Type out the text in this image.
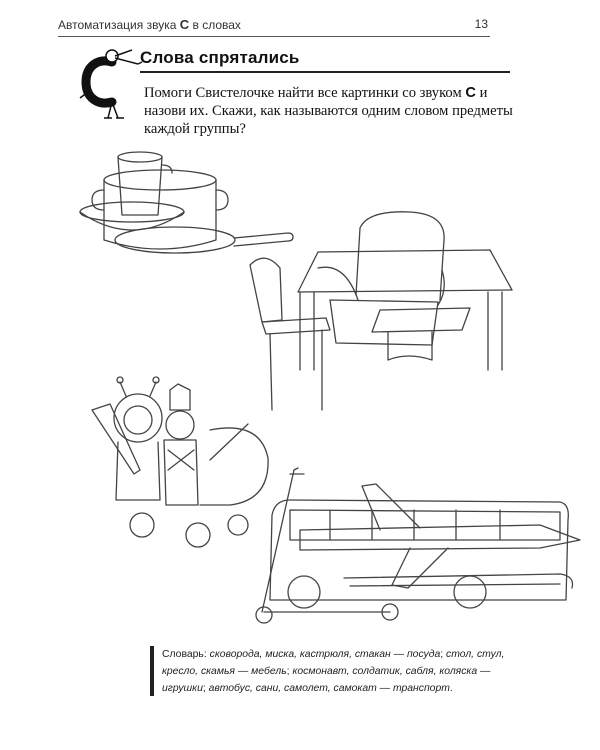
Автоматизация звука С в словах	13
Слова спрятались
Помоги Свистелочке найти все картинки со звуком С и назови их. Скажи, как называются одним словом предметы каждой группы?
Словарь: сковорода, миска, кастрюля, стакан — посуда; стол, стул, кресло, скамья — мебель; космонавт, солдатик, сабля, коляска — игрушки; автобус, сани, самолет, самокат — транспорт.
